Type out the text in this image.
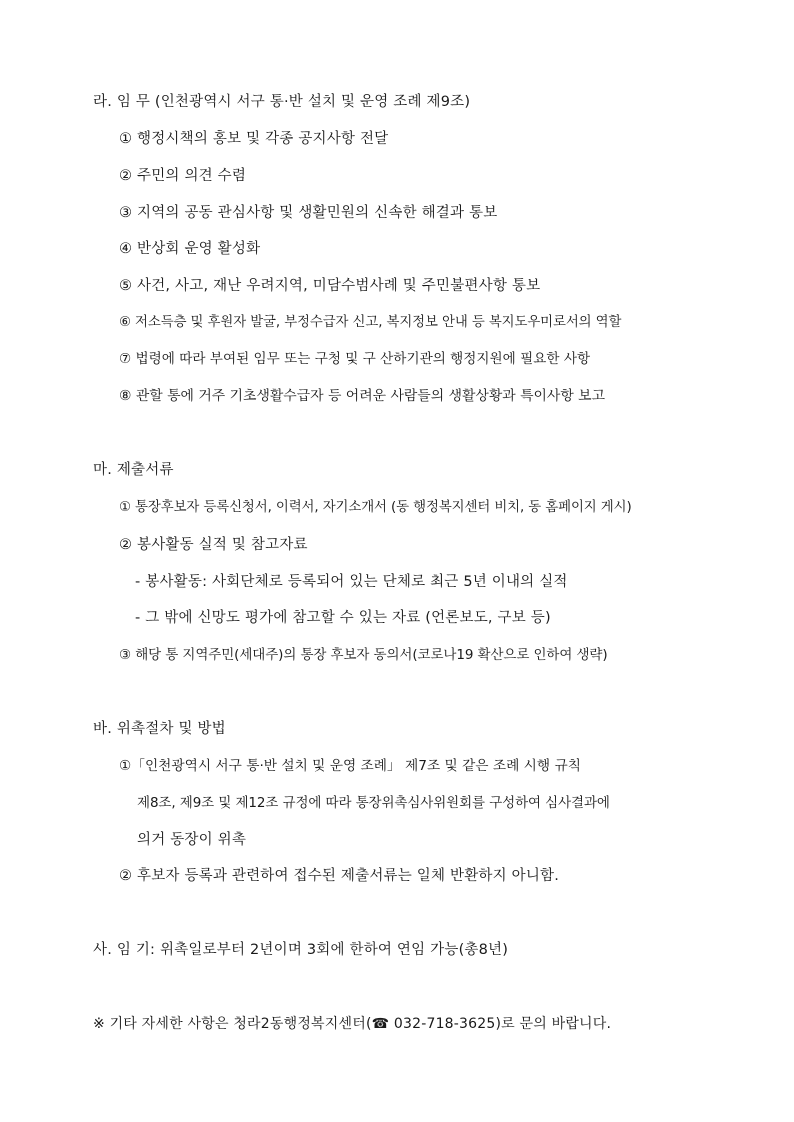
라. 임 무 (인천광역시 서구 통·반 설치 및 운영 조례 제9조)
① 행정시책의 홍보 및 각종 공지사항 전달
② 주민의 의견 수렴
③ 지역의 공동 관심사항 및 생활민원의 신속한 해결과 통보
④ 반상회 운영 활성화
⑤ 사건, 사고, 재난 우려지역, 미담수범사례 및 주민불편사항 통보
⑥ 저소득층 및 후원자 발굴, 부정수급자 신고, 복지정보 안내 등 복지도우미로서의 역할
⑦ 법령에 따라 부여된 임무 또는 구청 및 구 산하기관의 행정지원에 필요한 사항
⑧ 관할 통에 거주 기초생활수급자 등 어려운 사람들의 생활상황과 특이사항 보고
마. 제출서류
① 통장후보자 등록신청서, 이력서, 자기소개서 (동 행정복지센터 비치, 동 홈페이지 게시)
② 봉사활동 실적 및 참고자료
- 봉사활동: 사회단체로 등록되어 있는 단체로 최근 5년 이내의 실적
- 그 밖에 신망도 평가에 참고할 수 있는 자료 (언론보도, 구보 등)
③ 해당 통 지역주민(세대주)의 통장 후보자 동의서(코로나19 확산으로 인하여 생략)
바. 위촉절차 및 방법
①「인천광역시 서구 통·반 설치 및 운영 조례」 제7조 및 같은 조례 시행 규칙
제8조, 제9조 및 제12조 규정에 따라 통장위촉심사위원회를 구성하여 심사결과에
의거 동장이 위촉
② 후보자 등록과 관련하여 접수된 제출서류는 일체 반환하지 아니함.
사. 임 기: 위촉일로부터 2년이며 3회에 한하여 연임 가능(총8년)
※ 기타 자세한 사항은 청라2동행정복지센터(☎ 032-718-3625)로 문의 바랍니다.
